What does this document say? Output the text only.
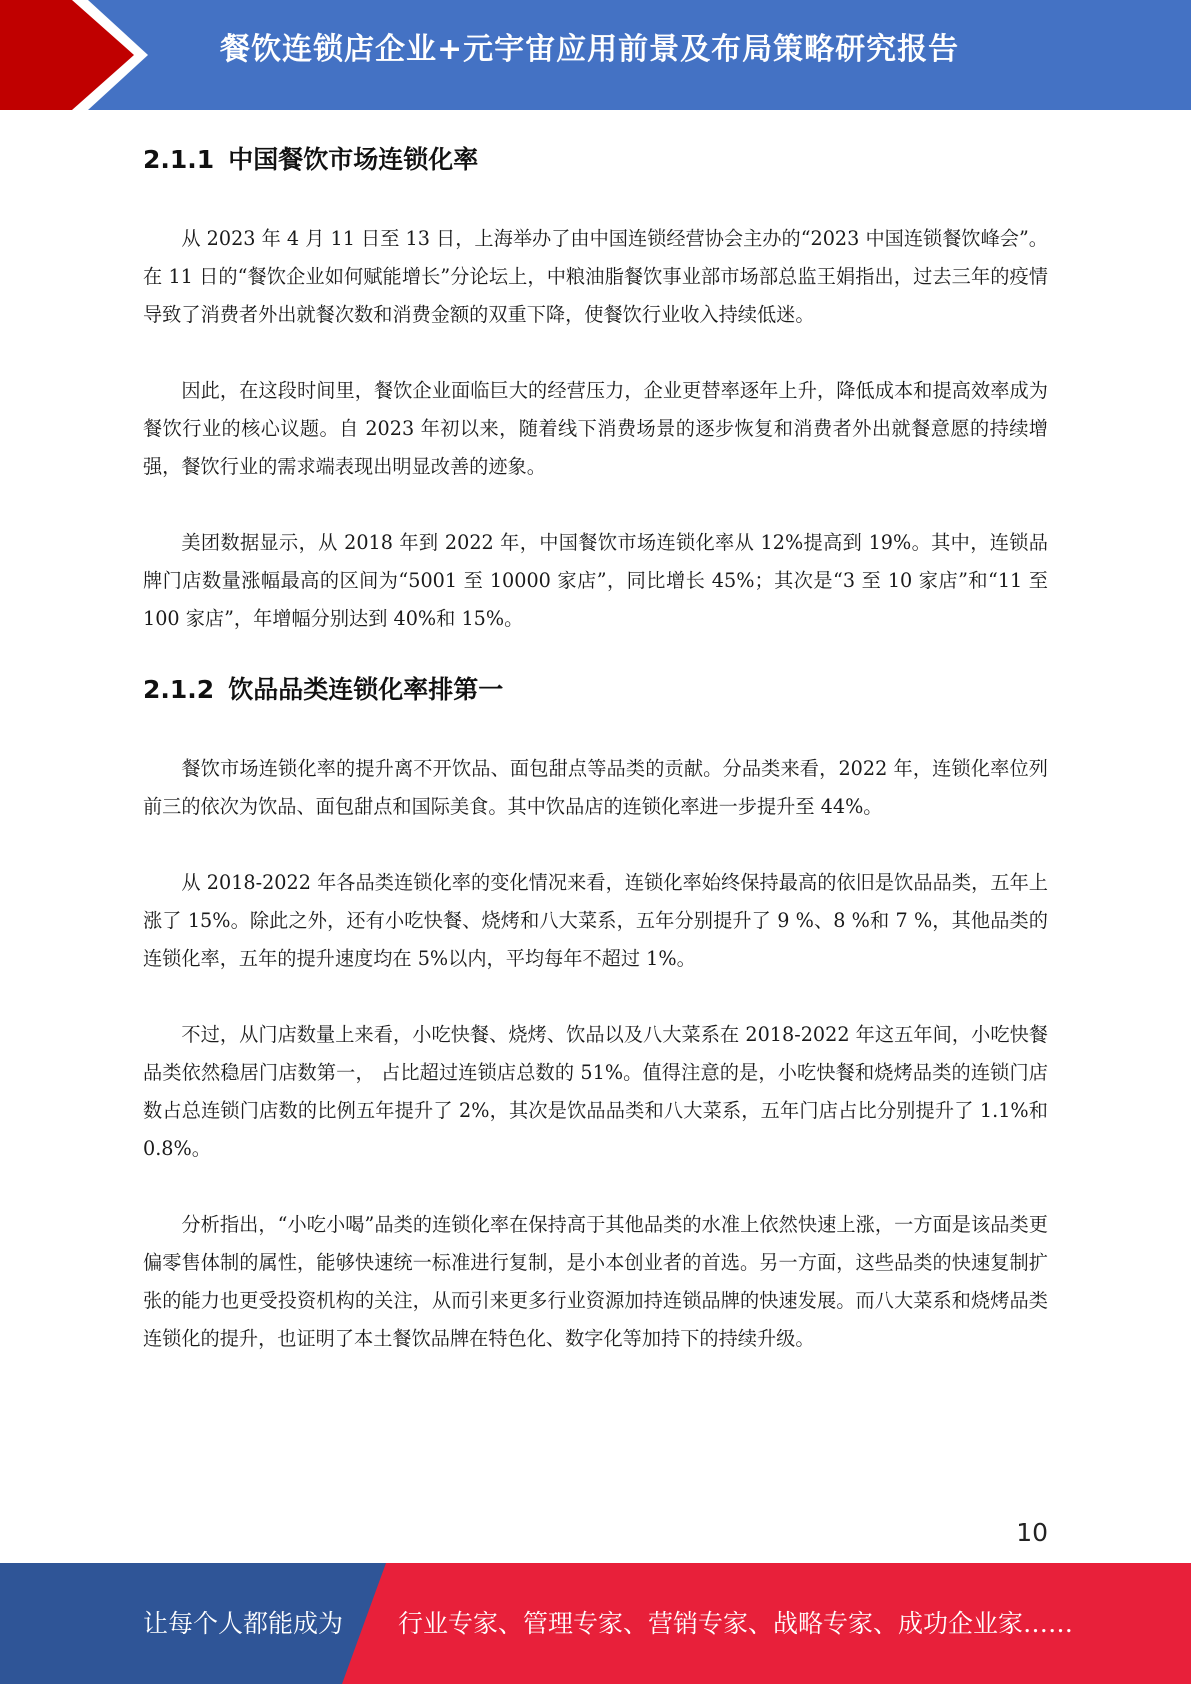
餐饮连锁店企业+元宇宙应用前景及布局策略研究报告
2.1.1 中国餐饮市场连锁化率

从 2023 年 4 月 11 日至 13 日，上海举办了由中国连锁经营协会主办的“2023 中国连锁餐饮峰会”。在 11 日的“餐饮企业如何赋能增长”分论坛上，中粮油脂餐饮事业部市场部总监王娟指出，过去三年的疫情导致了消费者外出就餐次数和消费金额的双重下降，使餐饮行业收入持续低迷。

因此，在这段时间里，餐饮企业面临巨大的经营压力，企业更替率逐年上升，降低成本和提高效率成为餐饮行业的核心议题。自 2023 年初以来，随着线下消费场景的逐步恢复和消费者外出就餐意愿的持续增强，餐饮行业的需求端表现出明显改善的迹象。

美团数据显示，从 2018 年到 2022 年，中国餐饮市场连锁化率从 12%提高到 19%。其中，连锁品牌门店数量涨幅最高的区间为“5001 至 10000 家店”，同比增长 45%；其次是“3 至 10 家店”和“11 至 100 家店”，年增幅分别达到 40%和 15%。

2.1.2 饮品品类连锁化率排第一

餐饮市场连锁化率的提升离不开饮品、面包甜点等品类的贡献。分品类来看，2022 年，连锁化率位列前三的依次为饮品、面包甜点和国际美食。其中饮品店的连锁化率进一步提升至 44%。

从 2018-2022 年各品类连锁化率的变化情况来看，连锁化率始终保持最高的依旧是饮品品类，五年上涨了 15%。除此之外，还有小吃快餐、烧烤和八大菜系，五年分别提升了 9 %、8 %和 7 %，其他品类的连锁化率，五年的提升速度均在 5%以内，平均每年不超过 1%。

不过，从门店数量上来看，小吃快餐、烧烤、饮品以及八大菜系在 2018-2022 年这五年间，小吃快餐品类依然稳居门店数第一， 占比超过连锁店总数的 51%。值得注意的是，小吃快餐和烧烤品类的连锁门店数占总连锁门店数的比例五年提升了 2%，其次是饮品品类和八大菜系，五年门店占比分别提升了 1.1%和 0.8%。

分析指出，“小吃小喝”品类的连锁化率在保持高于其他品类的水准上依然快速上涨，一方面是该品类更偏零售体制的属性，能够快速统一标准进行复制，是小本创业者的首选。另一方面，这些品类的快速复制扩张的能力也更受投资机构的关注，从而引来更多行业资源加持连锁品牌的快速发展。而八大菜系和烧烤品类连锁化的提升，也证明了本土餐饮品牌在特色化、数字化等加持下的持续升级。

10
让每个人都能成为 行业专家、管理专家、营销专家、战略专家、成功企业家……
